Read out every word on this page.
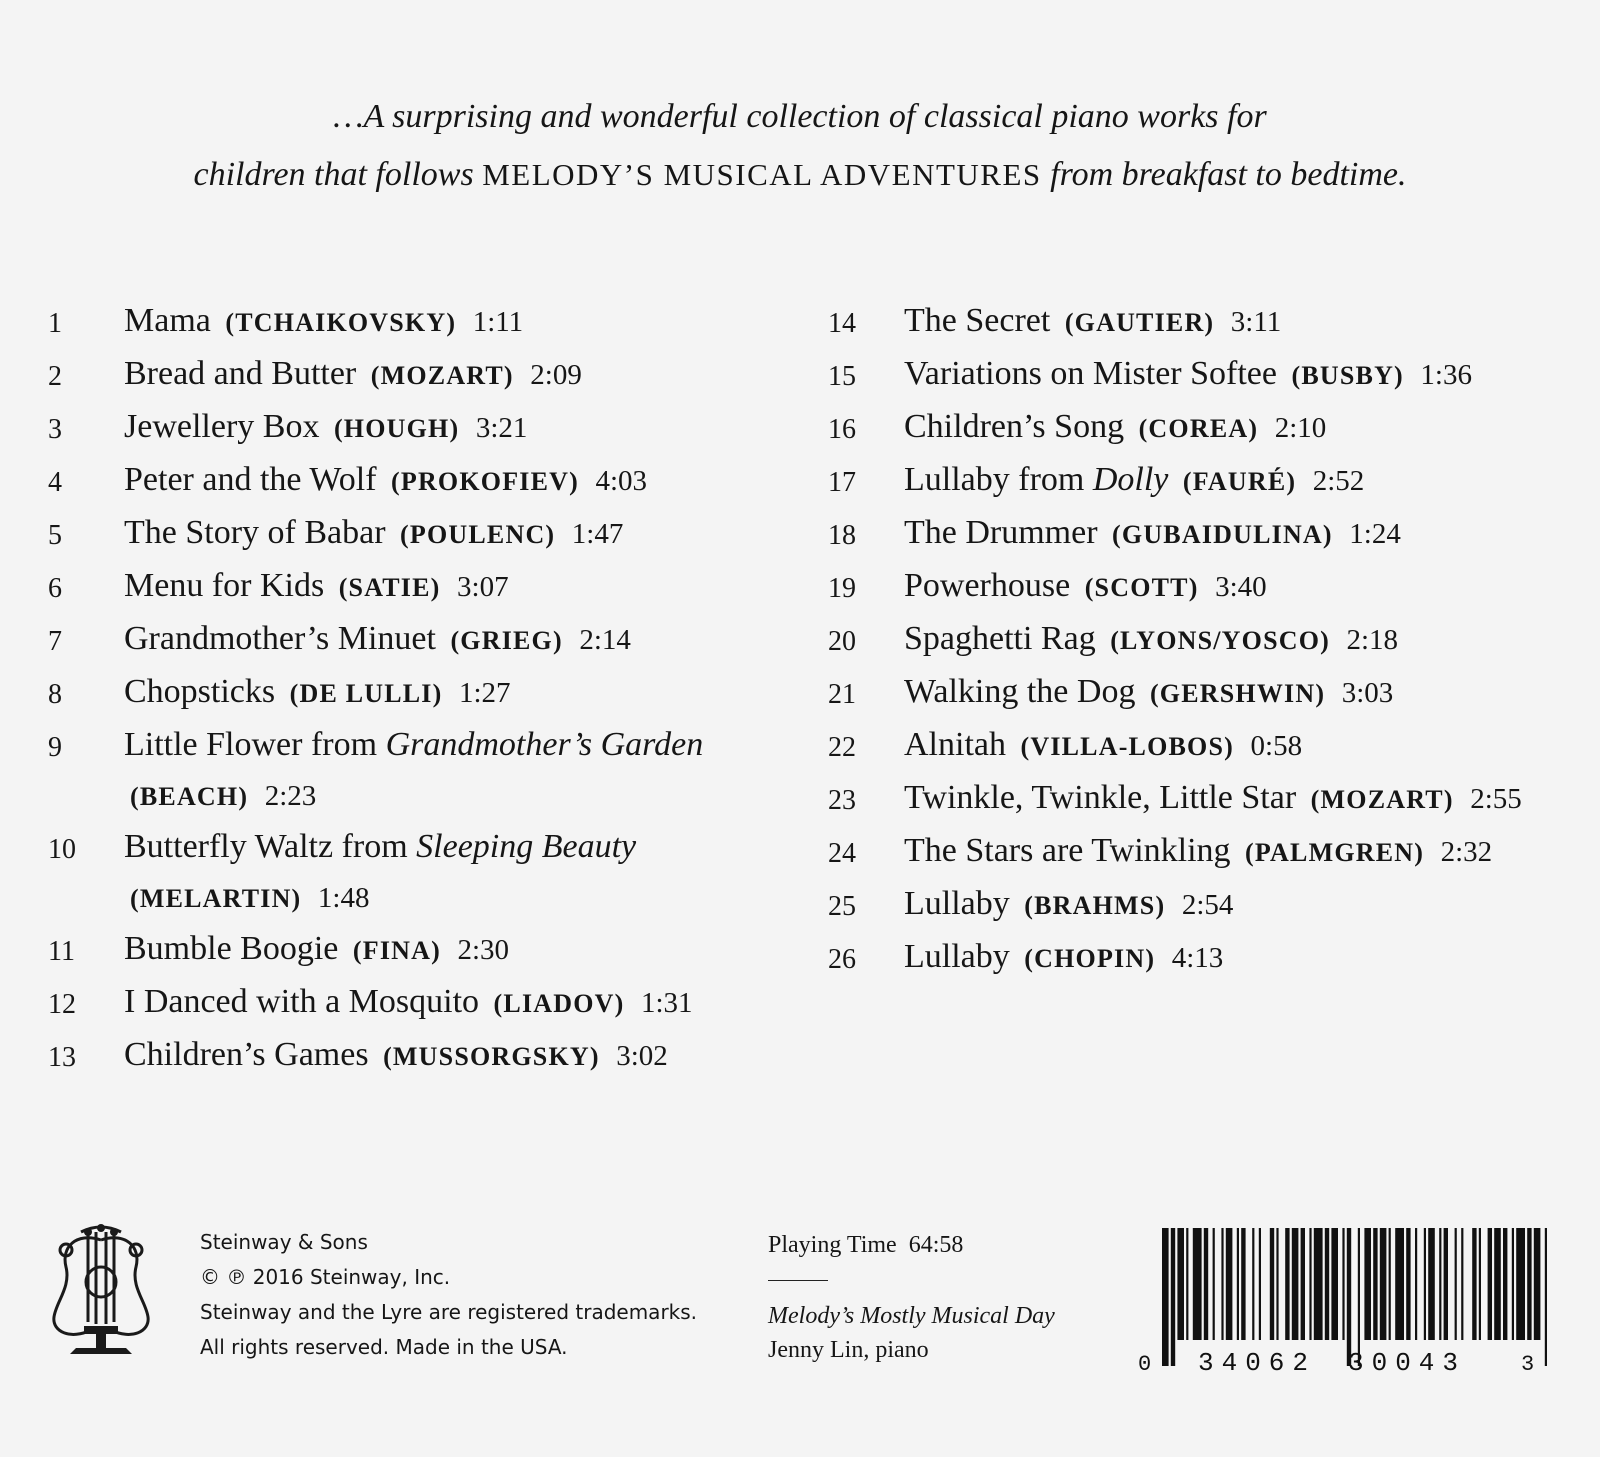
…A surprising and wonderful collection of classical piano works for
children that follows MELODY’S MUSICAL ADVENTURES from breakfast to bedtime.
1	Mama (TCHAIKOVSKY) 1:11
2	Bread and Butter (MOZART) 2:09
3	Jewellery Box (HOUGH) 3:21
4	Peter and the Wolf (PROKOFIEV) 4:03
5	The Story of Babar (POULENC) 1:47
6	Menu for Kids (SATIE) 3:07
7	Grandmother’s Minuet (GRIEG) 2:14
8	Chopsticks (DE LULLI) 1:27
9	Little Flower from Grandmother’s Garden (BEACH) 2:23
10	Butterfly Waltz from Sleeping Beauty (MELARTIN) 1:48
11	Bumble Boogie (FINA) 2:30
12	I Danced with a Mosquito (LIADOV) 1:31
13	Children’s Games (MUSSORGSKY) 3:02
14	The Secret (GAUTIER) 3:11
15	Variations on Mister Softee (BUSBY) 1:36
16	Children’s Song (COREA) 2:10
17	Lullaby from Dolly (FAURÉ) 2:52
18	The Drummer (GUBAIDULINA) 1:24
19	Powerhouse (SCOTT) 3:40
20	Spaghetti Rag (LYONS/YOSCO) 2:18
21	Walking the Dog (GERSHWIN) 3:03
22	Alnitah (VILLA-LOBOS) 0:58
23	Twinkle, Twinkle, Little Star (MOZART) 2:55
24	The Stars are Twinkling (PALMGREN) 2:32
25	Lullaby (BRAHMS) 2:54
26	Lullaby (CHOPIN) 4:13
Steinway & Sons
© ℗ 2016 Steinway, Inc.
Steinway and the Lyre are registered trademarks.
All rights reserved. Made in the USA.
Playing Time  64:58
Melody’s Mostly Musical Day
Jenny Lin, piano
0 34062 30043 3
